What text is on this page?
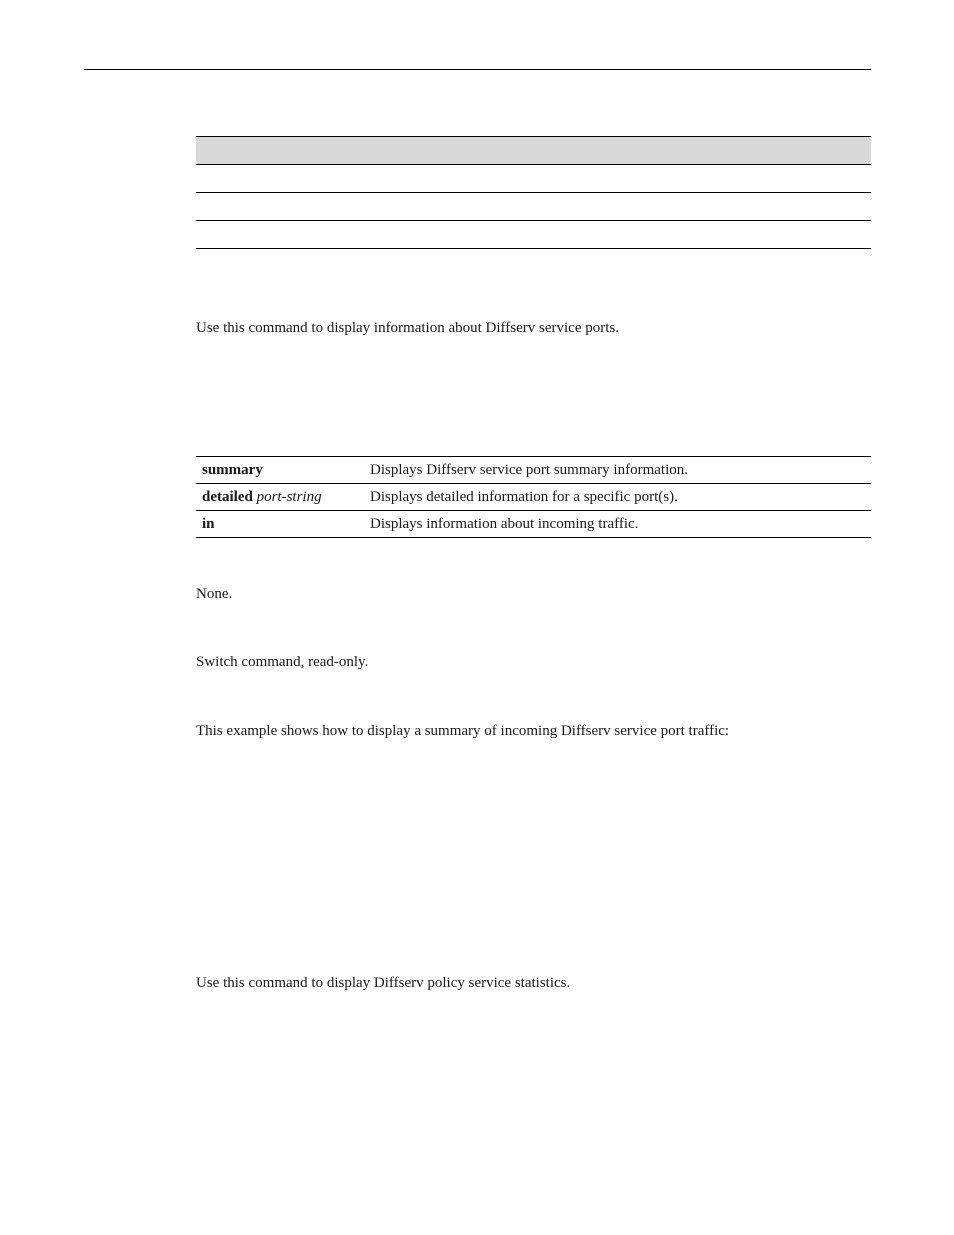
Use this command to display information about Diffserv service ports.
summary	Displays Diffserv service port summary information.
detailed port-string	Displays detailed information for a specific port(s).
in	Displays information about incoming traffic.
None.
Switch command, read-only.
This example shows how to display a summary of incoming Diffserv service port traffic:
Use this command to display Diffserv policy service statistics.
